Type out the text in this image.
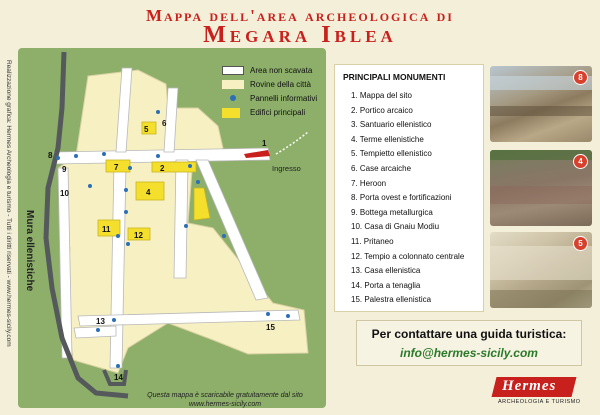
Mappa dell'area archeologica di
Megara Iblea
Realizzazione grafica: Hermes Archeologia e turismo - Tutti i diritti riservati - www.hermes-sicily.com	1
2
4
5
6
7
8
9
10
11
12
13
14
15
Mura ellenistiche
Ingresso
Area non scavata
Rovine della città
Pannelli informativi
Edifici principali
Questa mappa è scaricabile gratuitamente dal sito
www.hermes-sicily.com
PRINCIPALI MONUMENTI
1. Mappa del sito
2. Portico arcaico
3. Santuario ellenistico
4. Terme ellenistiche
5. Tempietto ellenistico
6. Case arcaiche
7. Heroon
8. Porta ovest e fortificazioni
9. Bottega metallurgica
10. Casa di Gnaiu Modiu
11. Pritaneo
12. Tempio a colonnato centrale
13. Casa ellenistica
14. Porta a tenaglia
15. Palestra ellenistica
8
4
5
Per contattare una guida turistica:
info@hermes-sicily.com
Hermes
ARCHEOLOGIA E TURISMO
